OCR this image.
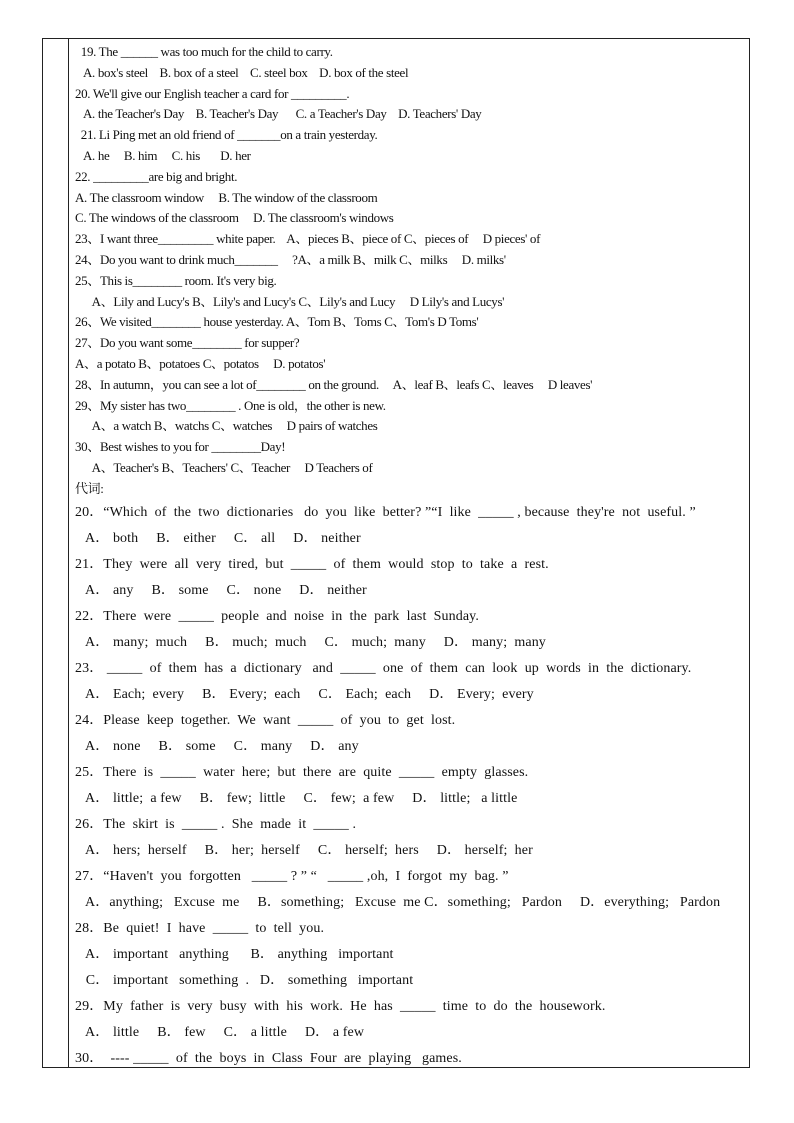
19. The ______ was too much for the child to carry.
A. box's steel    B. box of a steel    C. steel box    D. box of the steel
20. We'll give our English teacher a card for _________.
A. the Teacher's Day    B. Teacher's Day      C. a Teacher's Day    D. Teachers' Day
21. Li Ping met an old friend of _______on a train yesterday.
A. he     B. him     C. his       D. her
22. _________are big and bright.
A. The classroom window     B. The window of the classroom
C. The windows of the classroom     D. The classroom's windows
23、I want three_________ white paper.    A、pieces B、piece of C、pieces of     D pieces' of
24、Do you want to drink much_______     ?A、a milk B、milk C、milks     D. milks'
25、This is________ room. It's very big.
A、Lily and Lucy's B、Lily's and Lucy's C、Lily's and Lucy     D Lily's and Lucys'
26、We visited________ house yesterday. A、Tom B、Toms C、Tom's D Toms'
27、Do you want some________ for supper?
A、a potato B、potatoes C、potatos     D. potatos'
28、In autumn，you can see a lot of________ on the ground.     A、leaf B、leafs C、leaves     D leaves'
29、My sister has two________ . One is old，the other is new.
A、a watch B、watchs C、watches     D pairs of watches
30、Best wishes to you for ________Day!
A、Teacher's B、Teachers' C、Teacher     D Teachers of
代词:
20．“Which  of  the  two  dictionaries   do  you  like  better? ”“I  like  _____ , because  they're  not  useful. ”
A． both     B． either     C． all     D． neither
21．They  were  all  very  tired,  but  _____  of  them  would  stop  to  take  a  rest.
A． any     B． some     C． none     D． neither
22．There  were  _____  people  and  noise  in  the  park  last  Sunday.
A． many;  much     B． much;  much     C． much;  many     D． many;  many
23． _____  of  them  has  a  dictionary   and  _____  one  of  them  can  look  up  words  in  the  dictionary.
A． Each;  every     B． Every;  each     C． Each;  each     D． Every;  every
24．Please  keep  together.  We  want  _____  of  you  to  get  lost.
A． none     B． some     C． many     D． any
25．There  is  _____  water  here;  but  there  are  quite  _____  empty  glasses.
A． little;  a few     B． few;  little     C． few;  a few     D． little;   a little
26．The  skirt  is  _____ .  She  made  it  _____ .
A． hers;  herself     B． her;  herself     C． herself;  hers     D． herself;  her
27．“Haven't  you  forgotten   _____ ? ” “   _____ ,oh,  I  forgot  my  bag. ”
A．anything;   Excuse  me     B．something;   Excuse  me C．something;   Pardon     D．everything;   Pardon
28．Be  quiet!  I  have  _____  to  tell  you.
A． important   anything      B． anything   important
C． important   something  .   D． something   important
29．My  father  is  very  busy  with  his  work.  He  has  _____  time  to  do  the  housework.
A． little     B． few     C． a little     D． a few
30．  ---- _____  of  the  boys  in  Class  Four  are  playing   games.
